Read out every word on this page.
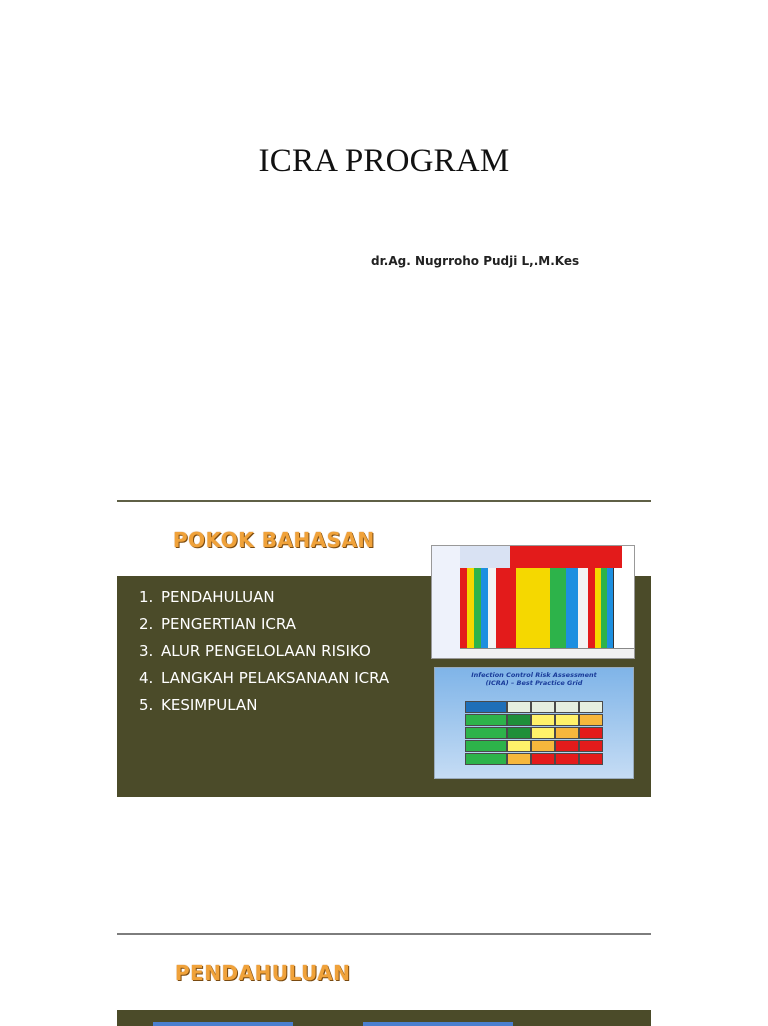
ICRA PROGRAM
dr.Ag. Nugrroho Pudji L,.M.Kes
POKOK BAHASAN
1. PENDAHULUAN
2. PENGERTIAN ICRA
3. ALUR PENGELOLAAN RISIKO
4. LANGKAH PELAKSANAAN ICRA
5. KESIMPULAN
Infection Control Risk Assessment
(ICRA) – Best Practice Grid
PENDAHULUAN
